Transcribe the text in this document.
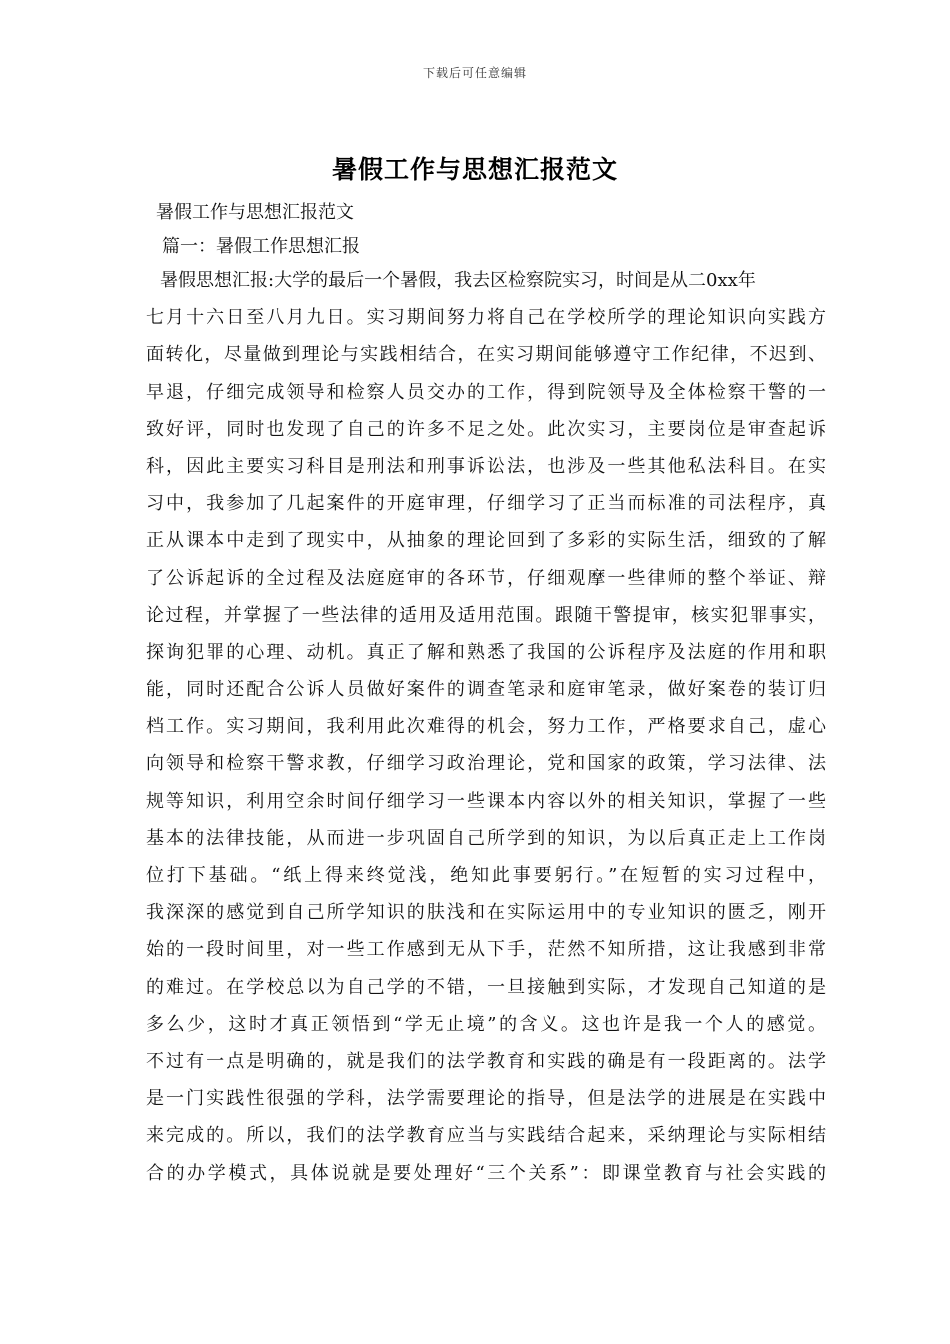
下载后可任意编辑
暑假工作与思想汇报范文
暑假工作与思想汇报范文
篇一：暑假工作思想汇报
暑假思想汇报:大学的最后一个暑假，我去区检察院实习，时间是从二0xx年
七月十六日至八月九日。实习期间努力将自己在学校所学的理论知识向实践方
面转化，尽量做到理论与实践相结合，在实习期间能够遵守工作纪律，不迟到、
早退，仔细完成领导和检察人员交办的工作，得到院领导及全体检察干警的一
致好评，同时也发现了自己的许多不足之处。此次实习，主要岗位是审查起诉
科，因此主要实习科目是刑法和刑事诉讼法，也涉及一些其他私法科目。在实
习中，我参加了几起案件的开庭审理，仔细学习了正当而标准的司法程序，真
正从课本中走到了现实中，从抽象的理论回到了多彩的实际生活，细致的了解
了公诉起诉的全过程及法庭庭审的各环节，仔细观摩一些律师的整个举证、辩
论过程，并掌握了一些法律的适用及适用范围。跟随干警提审，核实犯罪事实，
探询犯罪的心理、动机。真正了解和熟悉了我国的公诉程序及法庭的作用和职
能，同时还配合公诉人员做好案件的调查笔录和庭审笔录，做好案卷的装订归
档工作。实习期间，我利用此次难得的机会，努力工作，严格要求自己，虚心
向领导和检察干警求教，仔细学习政治理论，党和国家的政策，学习法律、法
规等知识，利用空余时间仔细学习一些课本内容以外的相关知识，掌握了一些
基本的法律技能，从而进一步巩固自己所学到的知识，为以后真正走上工作岗
位打下基础。“纸上得来终觉浅，绝知此事要躬行。”在短暂的实习过程中，
我深深的感觉到自己所学知识的肤浅和在实际运用中的专业知识的匮乏，刚开
始的一段时间里，对一些工作感到无从下手，茫然不知所措，这让我感到非常
的难过。在学校总以为自己学的不错，一旦接触到实际，才发现自己知道的是
多么少，这时才真正领悟到“学无止境”的含义。这也许是我一个人的感觉。
不过有一点是明确的，就是我们的法学教育和实践的确是有一段距离的。法学
是一门实践性很强的学科，法学需要理论的指导，但是法学的进展是在实践中
来完成的。所以，我们的法学教育应当与实践结合起来，采纳理论与实际相结
合的办学模式，具体说就是要处理好“三个关系”：即课堂教育与社会实践的
